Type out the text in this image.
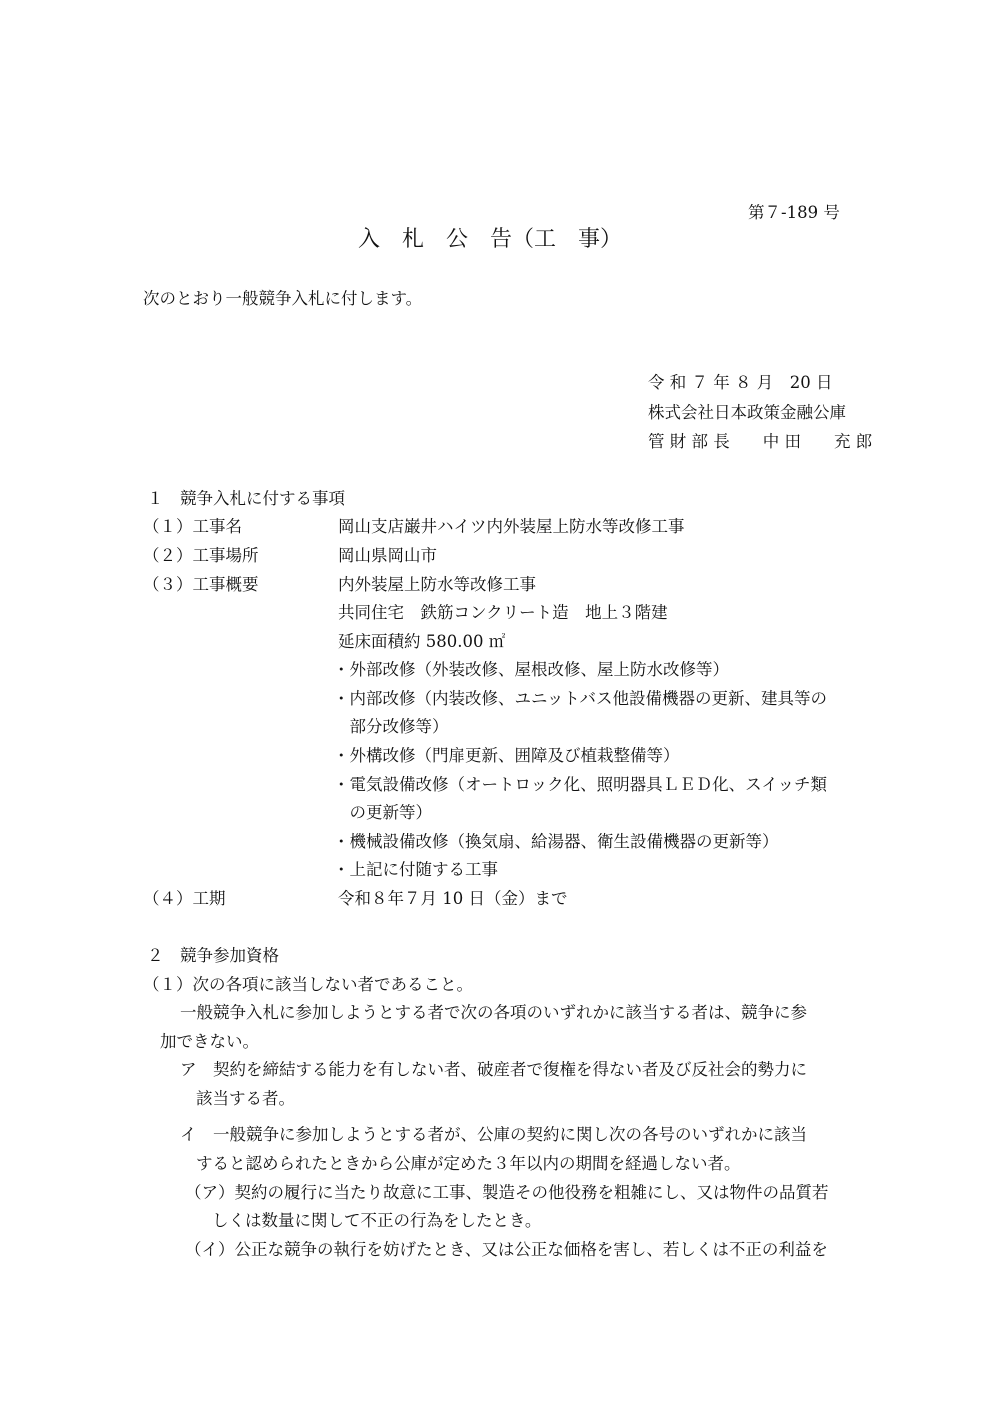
第７-189 号
入　札　公　告（工　事）
次のとおり一般競争入札に付します。
令 和 ７ 年 ８ 月　20 日
株式会社日本政策金融公庫
管 財 部 長　　中 田　　充 郎
１　競争入札に付する事項
（１）工事名	岡山支店巌井ハイツ内外装屋上防水等改修工事
（２）工事場所	岡山県岡山市
（３）工事概要	内外装屋上防水等改修工事
共同住宅　鉄筋コンクリート造　地上３階建
延床面積約 580.00 ㎡
・外部改修（外装改修、屋根改修、屋上防水改修等）
・内部改修（内装改修、ユニットバス他設備機器の更新、建具等の
　部分改修等）
・外構改修（門扉更新、囲障及び植栽整備等）
・電気設備改修（オートロック化、照明器具ＬＥＤ化、スイッチ類
　の更新等）
・機械設備改修（換気扇、給湯器、衛生設備機器の更新等）
・上記に付随する工事
（４）工期	令和８年７月 10 日（金）まで
２　競争参加資格
（１）次の各項に該当しない者であること。
一般競争入札に参加しようとする者で次の各項のいずれかに該当する者は、競争に参
加できない。
ア　契約を締結する能力を有しない者、破産者で復権を得ない者及び反社会的勢力に
該当する者。
イ　一般競争に参加しようとする者が、公庫の契約に関し次の各号のいずれかに該当
すると認められたときから公庫が定めた３年以内の期間を経過しない者。
（ア）契約の履行に当たり故意に工事、製造その他役務を粗雑にし、又は物件の品質若
しくは数量に関して不正の行為をしたとき。
（イ）公正な競争の執行を妨げたとき、又は公正な価格を害し、若しくは不正の利益を
